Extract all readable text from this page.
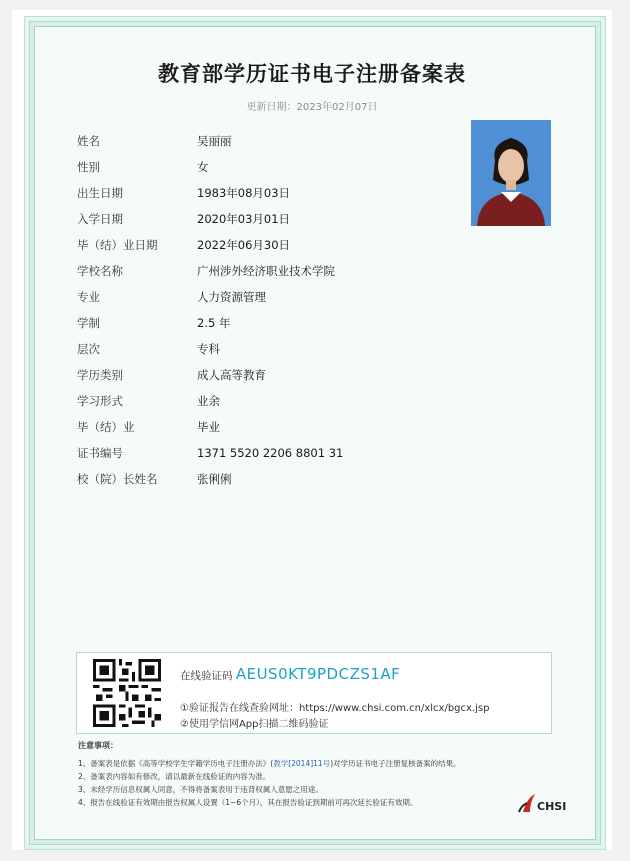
教育部学历证书电子注册备案表
更新日期：2023年02月07日
姓名	吴丽丽
性别	女
出生日期	1983年08月03日
入学日期	2020年03月01日
毕（结）业日期	2022年06月30日
学校名称	广州涉外经济职业技术学院
专业	人力资源管理
学制	2.5 年
层次	专科
学历类别	成人高等教育
学习形式	业余
毕（结）业	毕业
证书编号	1371 5520 2206 8801 31
校（院）长姓名	张俐俐
在线验证码 AEUS0KT9PDCZS1AF
①验证报告在线查验网址：https://www.chsi.com.cn/xlcx/bgcx.jsp
②使用学信网App扫描二维码验证
注意事项：
1、备案表是依据《高等学校学生学籍学历电子注册办法》(教学[2014]11号)对学历证书电子注册复核备案的结果。
2、备案表内容如有修改，请以最新在线验证的内容为准。
3、未经学历信息权属人同意，不得将备案表用于违背权属人意愿之用途。
4、报告在线验证有效期由报告权属人设置（1~6个月），其在报告验证到期前可再次延长验证有效期。	CHSI
